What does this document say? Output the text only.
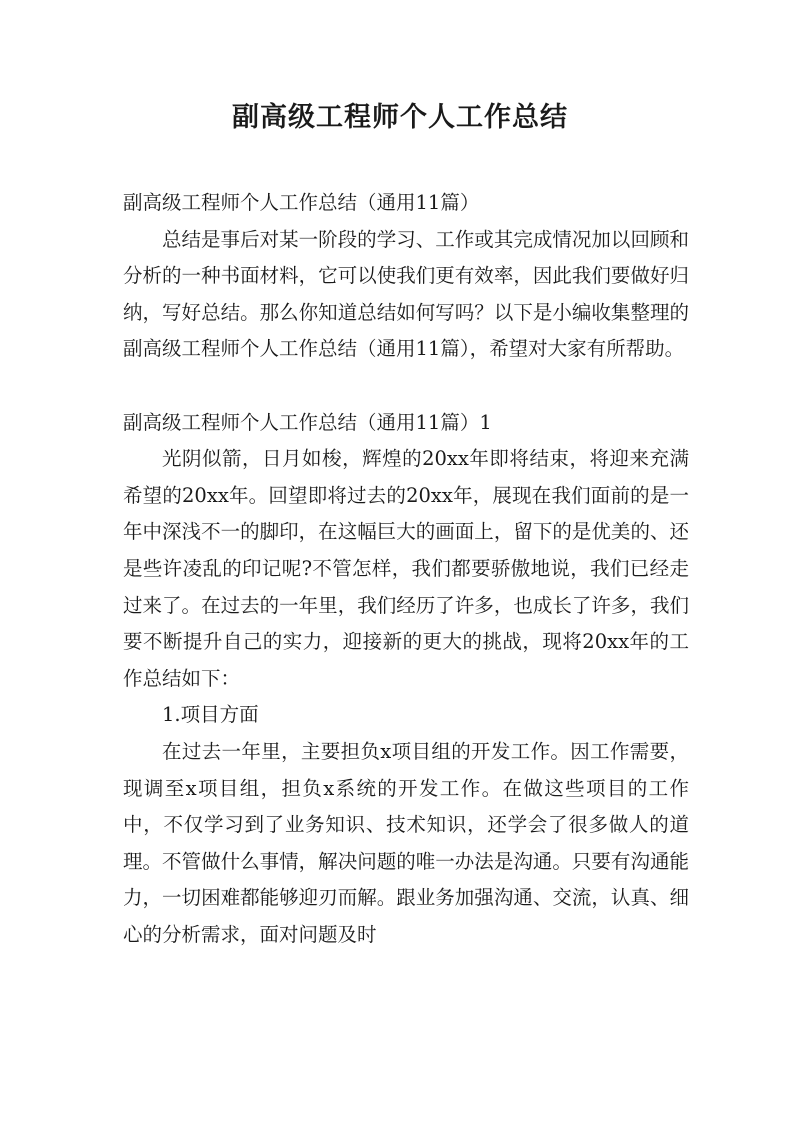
副高级工程师个人工作总结

副高级工程师个人工作总结（通用11篇）

总结是事后对某一阶段的学习、工作或其完成情况加以回顾和分析的一种书面材料，它可以使我们更有效率，因此我们要做好归纳，写好总结。那么你知道总结如何写吗？以下是小编收集整理的副高级工程师个人工作总结（通用11篇），希望对大家有所帮助。

副高级工程师个人工作总结（通用11篇）1

光阴似箭，日月如梭，辉煌的20xx年即将结束，将迎来充满希望的20xx年。回望即将过去的20xx年，展现在我们面前的是一年中深浅不一的脚印，在这幅巨大的画面上，留下的是优美的、还是些许凌乱的印记呢?不管怎样，我们都要骄傲地说，我们已经走过来了。在过去的一年里，我们经历了许多，也成长了许多，我们要不断提升自己的实力，迎接新的更大的挑战，现将20xx年的工作总结如下：

1.项目方面

在过去一年里，主要担负x项目组的开发工作。因工作需要，现调至x项目组，担负x系统的开发工作。在做这些项目的工作中，不仅学习到了业务知识、技术知识，还学会了很多做人的道理。不管做什么事情，解决问题的唯一办法是沟通。只要有沟通能力，一切困难都能够迎刃而解。跟业务加强沟通、交流，认真、细心的分析需求，面对问题及时
